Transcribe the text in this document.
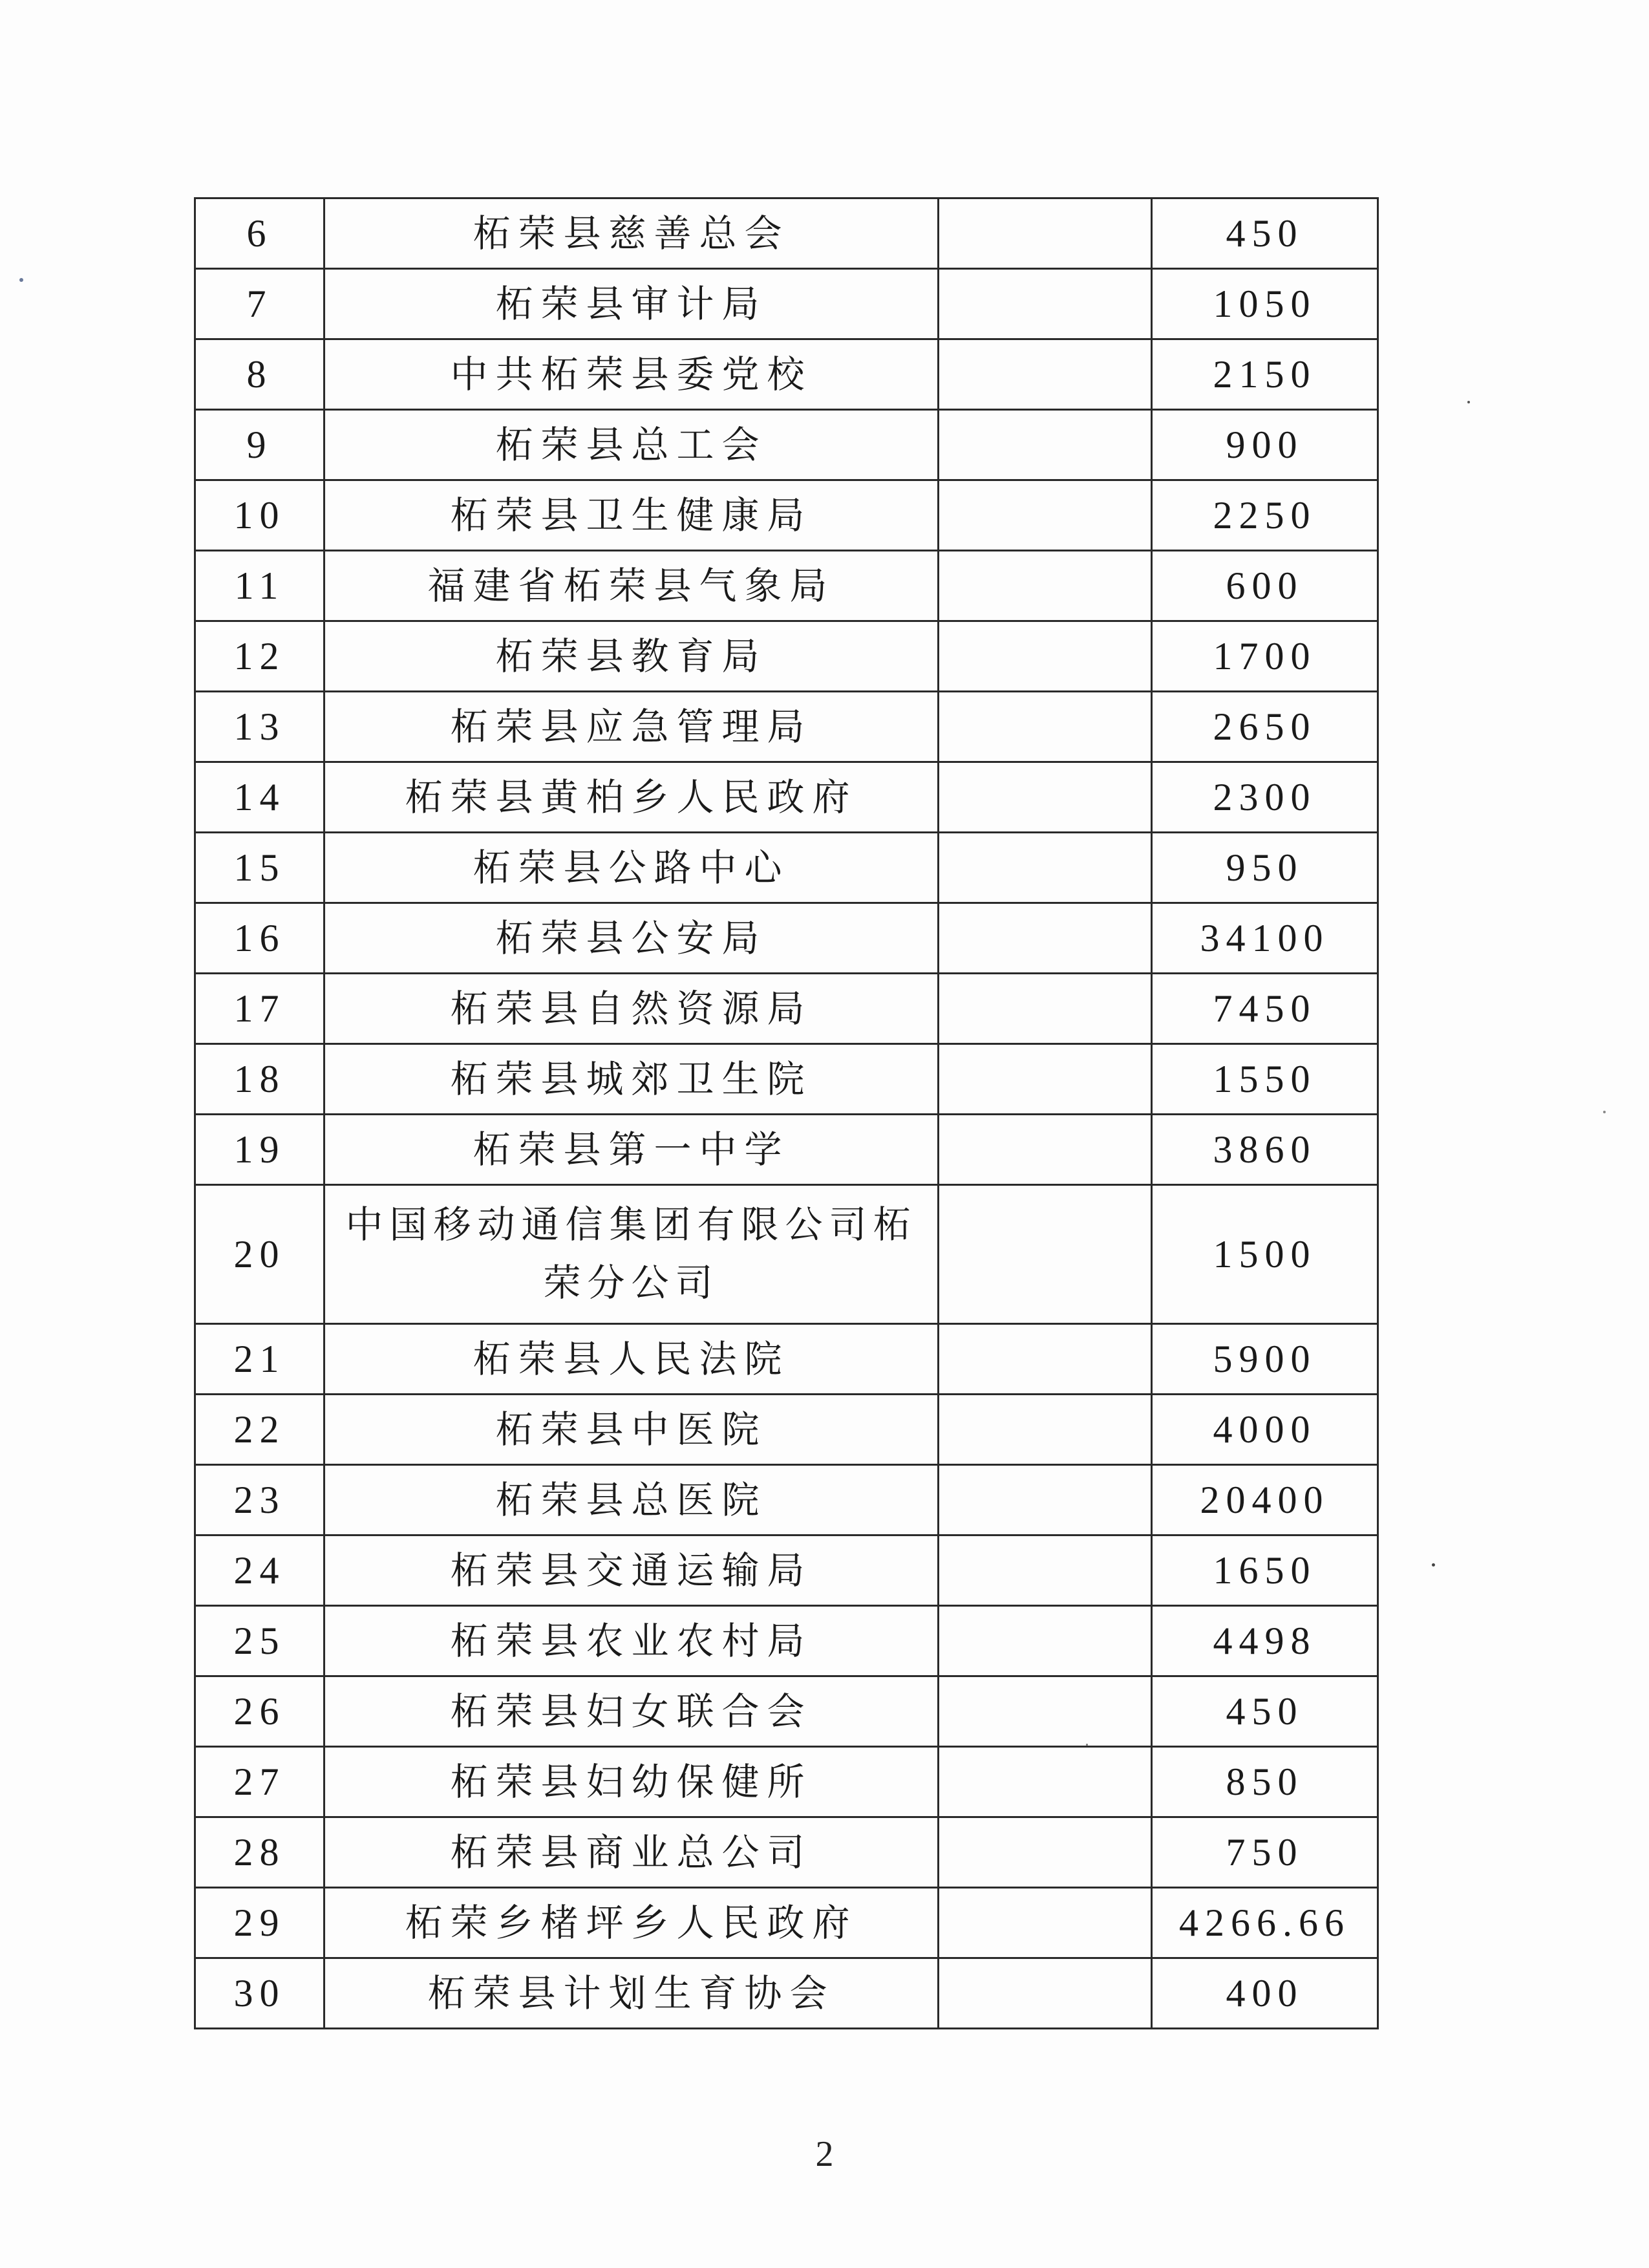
6	柘荣县慈善总会		450
7	柘荣县审计局		1050
8	中共柘荣县委党校		2150
9	柘荣县总工会		900
10	柘荣县卫生健康局		2250
11	福建省柘荣县气象局		600
12	柘荣县教育局		1700
13	柘荣县应急管理局		2650
14	柘荣县黄柏乡人民政府		2300
15	柘荣县公路中心		950
16	柘荣县公安局		34100
17	柘荣县自然资源局		7450
18	柘荣县城郊卫生院		1550
19	柘荣县第一中学		3860
20	中国移动通信集团有限公司柘荣分公司		1500
21	柘荣县人民法院		5900
22	柘荣县中医院		4000
23	柘荣县总医院		20400
24	柘荣县交通运输局		1650
25	柘荣县农业农村局		4498
26	柘荣县妇女联合会		450
27	柘荣县妇幼保健所		850
28	柘荣县商业总公司		750
29	柘荣乡楮坪乡人民政府		4266.66
30	柘荣县计划生育协会		400
2
